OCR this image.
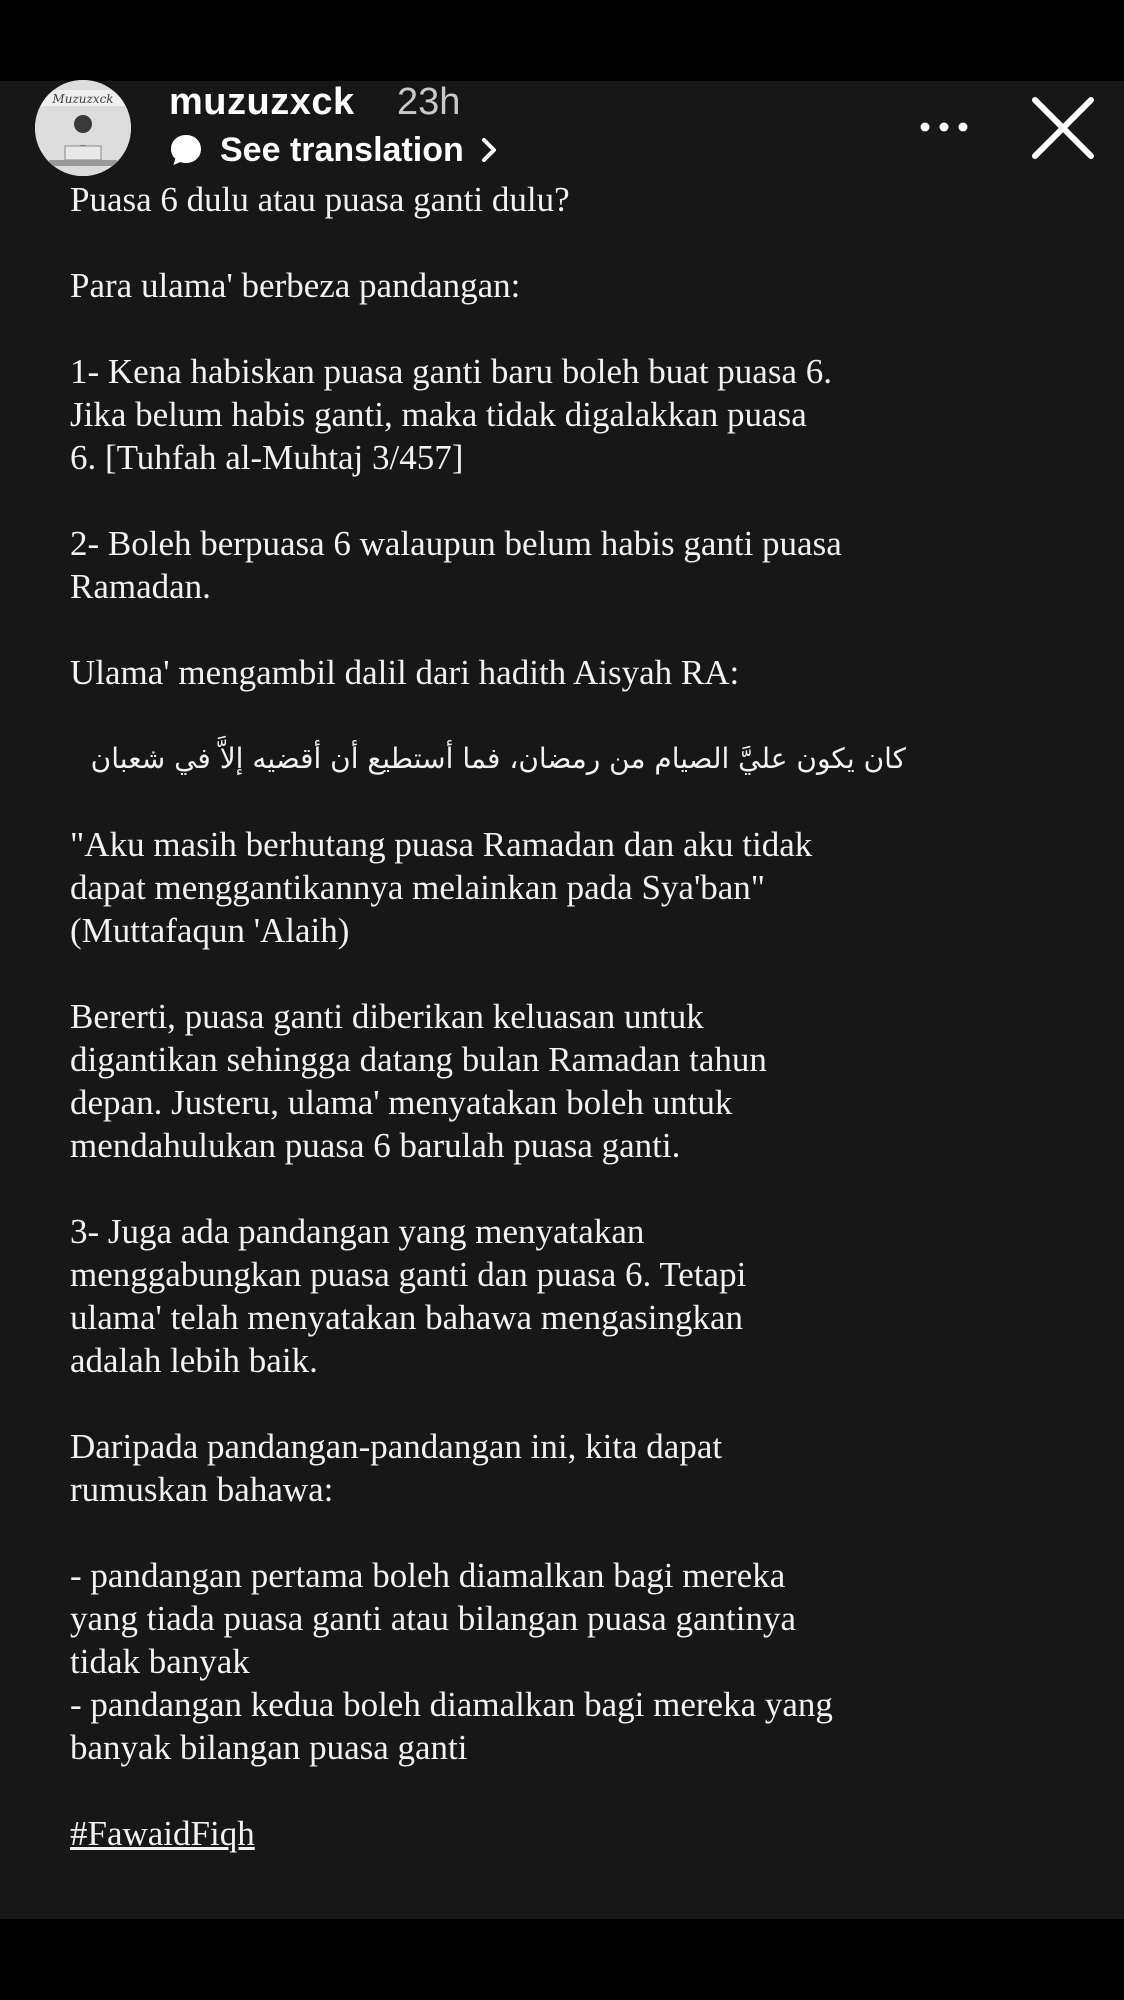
Muzuzxck muzuzxck 23h
See translation

Puasa 6 dulu atau puasa ganti dulu?

Para ulama' berbeza pandangan:

1- Kena habiskan puasa ganti baru boleh buat puasa 6.
Jika belum habis ganti, maka tidak digalakkan puasa
6. [Tuhfah al-Muhtaj 3/457]

2- Boleh berpuasa 6 walaupun belum habis ganti puasa
Ramadan.

Ulama' mengambil dalil dari hadith Aisyah RA:

كان يكون عليَّ الصيام من رمضان، فما أستطيع أن أقضيه إلاَّ في شعبان

"Aku masih berhutang puasa Ramadan dan aku tidak
dapat menggantikannya melainkan pada Sya'ban"
(Muttafaqun 'Alaih)

Bererti, puasa ganti diberikan keluasan untuk
digantikan sehingga datang bulan Ramadan tahun
depan. Justeru, ulama' menyatakan boleh untuk
mendahulukan puasa 6 barulah puasa ganti.

3- Juga ada pandangan yang menyatakan
menggabungkan puasa ganti dan puasa 6. Tetapi
ulama' telah menyatakan bahawa mengasingkan
adalah lebih baik.

Daripada pandangan-pandangan ini, kita dapat
rumuskan bahawa:

- pandangan pertama boleh diamalkan bagi mereka
yang tiada puasa ganti atau bilangan puasa gantinya
tidak banyak
- pandangan kedua boleh diamalkan bagi mereka yang
banyak bilangan puasa ganti

#FawaidFiqh
